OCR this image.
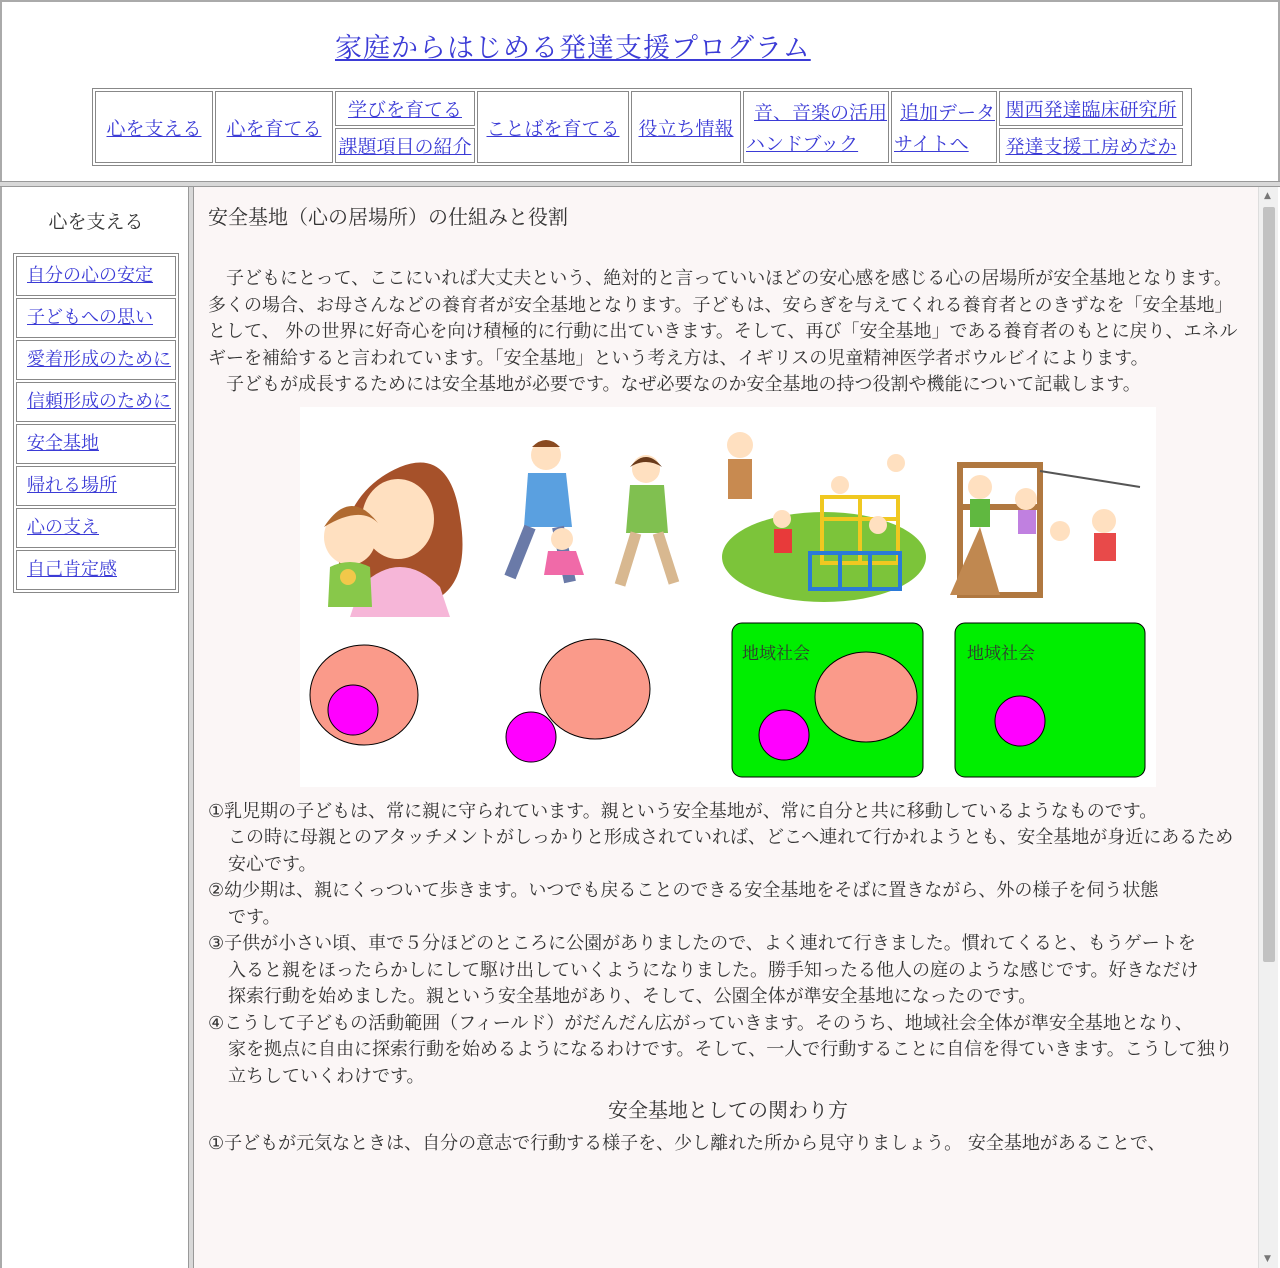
家庭からはじめる発達支援プログラム
心を支える 心を育てる
学びを育てる
課題項目の紹介
ことばを育てる 役立ち情報
音、音楽の活用
ハンドブック
追加データ
サイトへ
関西発達臨床研究所
発達支援工房めだか
心を支える
自分の心の安定
子どもへの思い
愛着形成のために
信頼形成のために
安全基地
帰れる場所
心の支え
自己肯定感
安全基地（心の居場所）の仕組みと役割

　子どもにとって、ここにいれば大丈夫という、絶対的と言っていいほどの安心感を感じる心の居場所が安全基地となります。多くの場合、お母さんなどの養育者が安全基地となります。子どもは、安らぎを与えてくれる養育者とのきずなを「安全基地」として、 外の世界に好奇心を向け積極的に行動に出ていきます。そして、再び「安全基地」である養育者のもとに戻り、エネルギーを補給すると言われています。「安全基地」という考え方は、イギリスの児童精神医学者ボウルビイによります。

　子どもが成長するためには安全基地が必要です。なぜ必要なのか安全基地の持つ役割や機能について記載します。

地域社会	地域社会

①乳児期の子どもは、常に親に守られています。親という安全基地が、常に自分と共に移動しているようなものです。

この時に母親とのアタッチメントがしっかりと形成されていれば、どこへ連れて行かれようとも、安全基地が身近にあるため安心です。

②幼少期は、親にくっついて歩きます。いつでも戻ることのできる安全基地をそばに置きながら、外の様子を伺う状態

です。

③子供が小さい頃、車で５分ほどのところに公園がありましたので、よく連れて行きました。慣れてくると、もうゲートを

入ると親をほったらかしにして駆け出していくようになりました。勝手知ったる他人の庭のような感じです。好きなだけ

探索行動を始めました。親という安全基地があり、そして、公園全体が準安全基地になったのです。

④こうして子どもの活動範囲（フィールド）がだんだん広がっていきます。そのうち、地域社会全体が準安全基地となり、

家を拠点に自由に探索行動を始めるようになるわけです。そして、一人で行動することに自信を得ていきます。こうして独り立ちしていくわけです。

安全基地としての関わり方

①子どもが元気なときは、自分の意志で行動する様子を、少し離れた所から見守りましょう。 安全基地があることで、

▲
▼
